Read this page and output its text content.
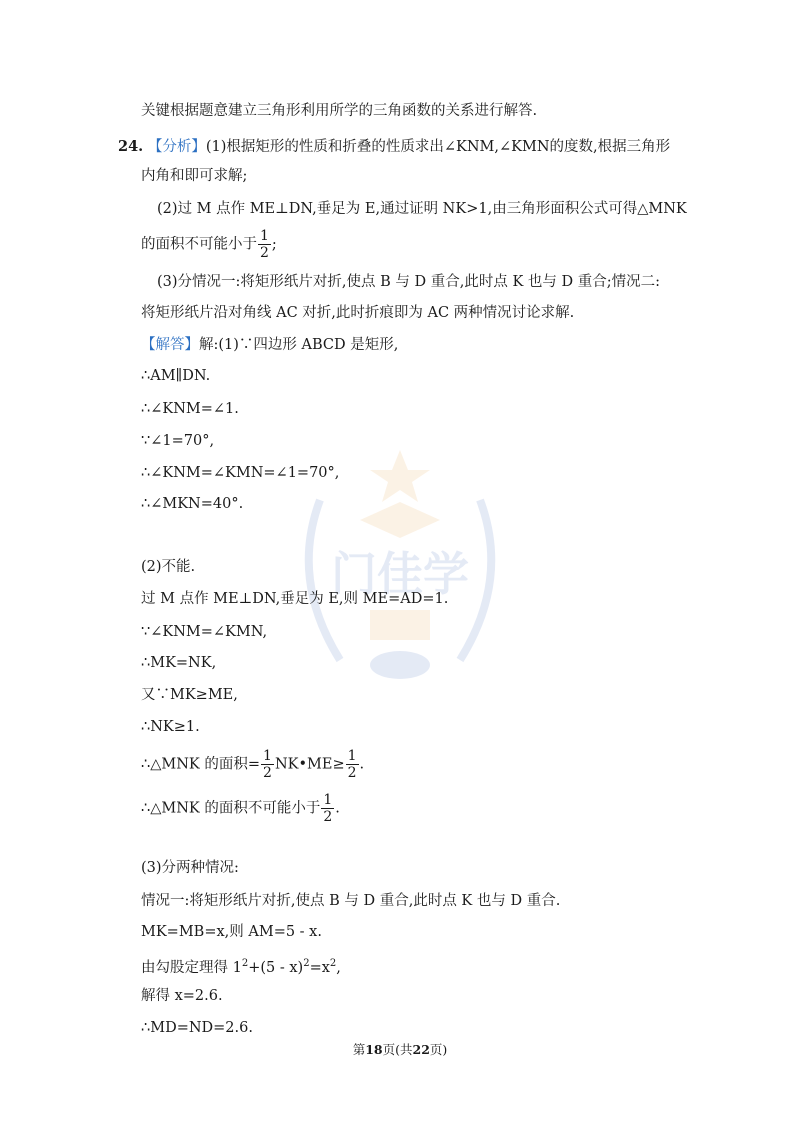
门佳学
关键根据题意建立三角形利用所学的三角函数的关系进行解答.
24. 【分析】(1)根据矩形的性质和折叠的性质求出∠KNM,∠KMN的度数,根据三角形
内角和即可求解;
(2)过 M 点作 ME⊥DN,垂足为 E,通过证明 NK>1,由三角形面积公式可得△MNK
的面积不可能小于 $\frac{1}{2}$ ;
(3)分情况一:将矩形纸片对折,使点 B 与 D 重合,此时点 K 也与 D 重合;情况二:
将矩形纸片沿对角线 AC 对折,此时折痕即为 AC 两种情况讨论求解.
【解答】解:(1)∵四边形 ABCD 是矩形,
∴AM∥DN.
∴∠KNM=∠1.
∵∠1=70°,
∴∠KNM=∠KMN=∠1=70°,
∴∠MKN=40°.
(2)不能.
过 M 点作 ME⊥DN,垂足为 E,则 ME=AD=1.
∵∠KNM=∠KMN,
∴MK=NK,
又∵MK≥ME,
∴NK≥1.
∴△MNK 的面积= $\frac{1}{2}$ NK•ME≥ $\frac{1}{2}$ .
∴△MNK 的面积不可能小于 $\frac{1}{2}$ .
(3)分两种情况:
情况一:将矩形纸片对折,使点 B 与 D 重合,此时点 K 也与 D 重合.
MK=MB=x,则 AM=5 - x.
由勾股定理得 $1^2+(5 - x)^2=x^2$,
解得 x=2.6.
∴MD=ND=2.6.
第18页(共22页)
